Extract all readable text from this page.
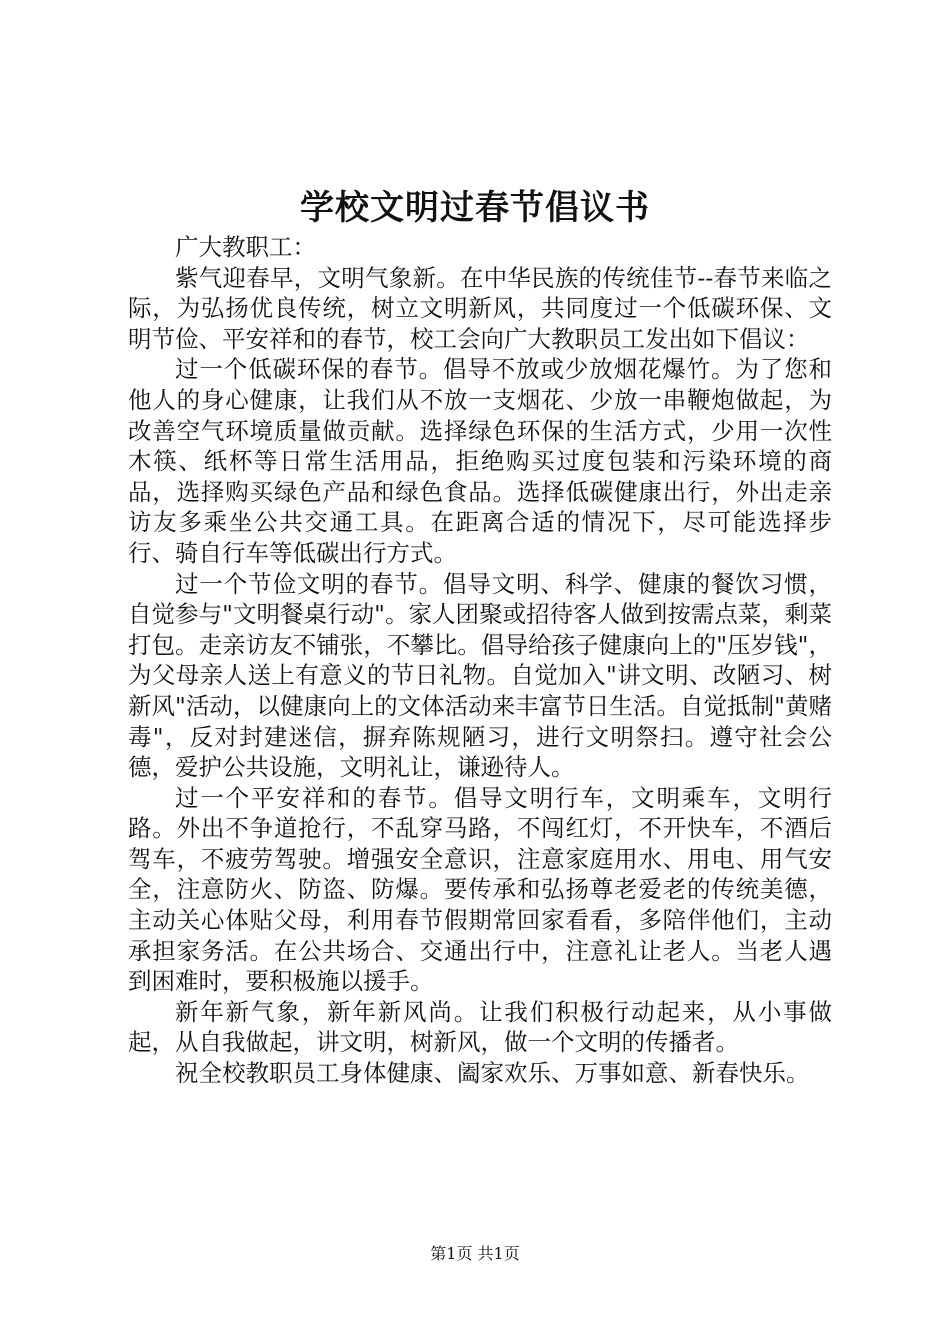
学校文明过春节倡议书

广大教职工：

紫气迎春早，文明气象新。在中华民族的传统佳节--春节来临之际，为弘扬优良传统，树立文明新风，共同度过一个低碳环保、文明节俭、平安祥和的春节，校工会向广大教职员工发出如下倡议：

过一个低碳环保的春节。倡导不放或少放烟花爆竹。为了您和他人的身心健康，让我们从不放一支烟花、少放一串鞭炮做起，为改善空气环境质量做贡献。选择绿色环保的生活方式，少用一次性木筷、纸杯等日常生活用品，拒绝购买过度包装和污染环境的商品，选择购买绿色产品和绿色食品。选择低碳健康出行，外出走亲访友多乘坐公共交通工具。在距离合适的情况下，尽可能选择步行、骑自行车等低碳出行方式。

过一个节俭文明的春节。倡导文明、科学、健康的餐饮习惯，自觉参与"文明餐桌行动"。家人团聚或招待客人做到按需点菜，剩菜打包。走亲访友不铺张，不攀比。倡导给孩子健康向上的"压岁钱"，为父母亲人送上有意义的节日礼物。自觉加入"讲文明、改陋习、树新风"活动，以健康向上的文体活动来丰富节日生活。自觉抵制"黄赌毒"，反对封建迷信，摒弃陈规陋习，进行文明祭扫。遵守社会公德，爱护公共设施，文明礼让，谦逊待人。

过一个平安祥和的春节。倡导文明行车，文明乘车，文明行路。外出不争道抢行，不乱穿马路，不闯红灯，不开快车，不酒后驾车，不疲劳驾驶。增强安全意识，注意家庭用水、用电、用气安全，注意防火、防盗、防爆。要传承和弘扬尊老爱老的传统美德，主动关心体贴父母，利用春节假期常回家看看，多陪伴他们，主动承担家务活。在公共场合、交通出行中，注意礼让老人。当老人遇到困难时，要积极施以援手。

新年新气象，新年新风尚。让我们积极行动起来，从小事做起，从自我做起，讲文明，树新风，做一个文明的传播者。

祝全校教职员工身体健康、阖家欢乐、万事如意、新春快乐。

第1页 共1页
